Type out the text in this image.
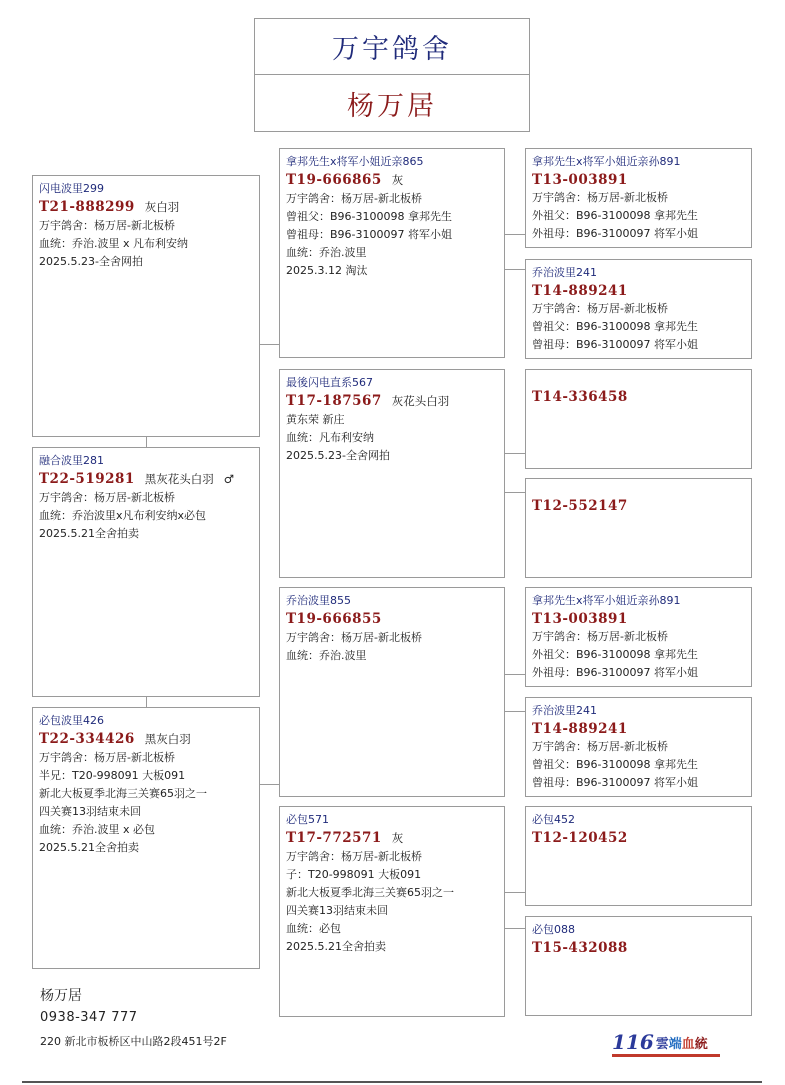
万宇鸽舍
杨万居
闪电波里299
T21-888299 灰白羽
万宇鸽舍：杨万居-新北板桥
血统：乔治.波里 x 凡布利安纳
2025.5.23-全舍网拍
融合波里281
T22-519281 黑灰花头白羽 ♂
万宇鸽舍：杨万居-新北板桥
血统：乔治波里x凡布利安纳x必包
2025.5.21全舍拍卖
必包波里426
T22-334426 黑灰白羽
万宇鸽舍：杨万居-新北板桥
半兄：T20-998091 大板091
新北大板夏季北海三关赛65羽之一
四关赛13羽结束未回
血统：乔治.波里 x 必包
2025.5.21全舍拍卖
拿邦先生x将军小姐近亲865
T19-666865 灰
万宇鸽舍：杨万居-新北板桥
曾祖父：B96-3100098 拿邦先生
曾祖母：B96-3100097 将军小姐
血统：乔治.波里
2025.3.12 淘汰
最後闪电直系567
T17-187567 灰花头白羽
黄东荣 新庄
血统：凡布利安纳
2025.5.23-全舍网拍
乔治波里855
T19-666855
万宇鸽舍：杨万居-新北板桥
血统：乔治.波里
必包571
T17-772571 灰
万宇鸽舍：杨万居-新北板桥
子：T20-998091 大板091
新北大板夏季北海三关赛65羽之一
四关赛13羽结束未回
血统：必包
2025.5.21全舍拍卖
拿邦先生x将军小姐近亲孙891
T13-003891
万宇鸽舍：杨万居-新北板桥
外祖父：B96-3100098 拿邦先生
外祖母：B96-3100097 将军小姐
乔治波里241
T14-889241
万宇鸽舍：杨万居-新北板桥
曾祖父：B96-3100098 拿邦先生
曾祖母：B96-3100097 将军小姐
T14-336458
T12-552147
拿邦先生x将军小姐近亲孙891
T13-003891
万宇鸽舍：杨万居-新北板桥
外祖父：B96-3100098 拿邦先生
外祖母：B96-3100097 将军小姐
乔治波里241
T14-889241
万宇鸽舍：杨万居-新北板桥
曾祖父：B96-3100098 拿邦先生
曾祖母：B96-3100097 将军小姐
必包452
T12-120452
必包088
T15-432088
杨万居
0938-347 777
220 新北市板桥区中山路2段451号2F	116 雲端血統
